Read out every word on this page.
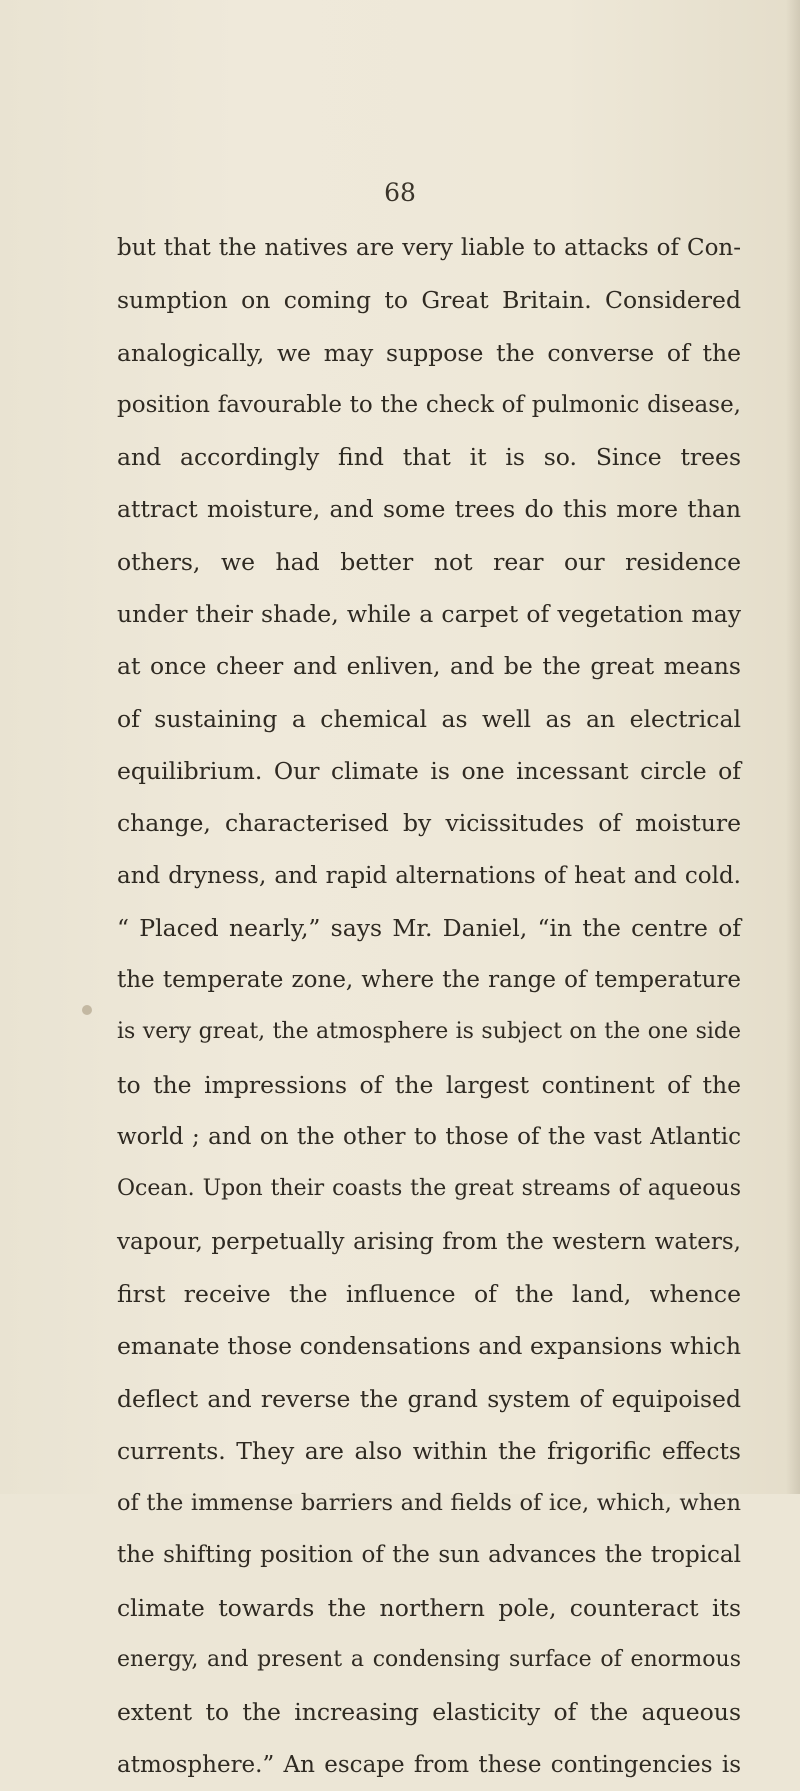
68
but that the natives are very liable to attacks of Con-
sumption on coming to Great Britain. Considered
analogically, we may suppose the converse of the
position favourable to the check of pulmonic disease,
and accordingly find that it is so. Since trees
attract moisture, and some trees do this more than
others, we had better not rear our residence
under their shade, while a carpet of vegetation may
at once cheer and enliven, and be the great means
of sustaining a chemical as well as an electrical
equilibrium. Our climate is one incessant circle of
change, characterised by vicissitudes of moisture
and dryness, and rapid alternations of heat and cold.
“ Placed nearly,” says Mr. Daniel, “in the centre of
the temperate zone, where the range of temperature
is very great, the atmosphere is subject on the one side
to the impressions of the largest continent of the
world ; and on the other to those of the vast Atlantic
Ocean. Upon their coasts the great streams of aqueous
vapour, perpetually arising from the western waters,
first receive the influence of the land, whence
emanate those condensations and expansions which
deflect and reverse the grand system of equipoised
currents. They are also within the frigorific effects
of the immense barriers and fields of ice, which, when
the shifting position of the sun advances the tropical
climate towards the northern pole, counteract its
energy, and present a condensing surface of enormous
extent to the increasing elasticity of the aqueous
atmosphere.” An escape from these contingencies is
